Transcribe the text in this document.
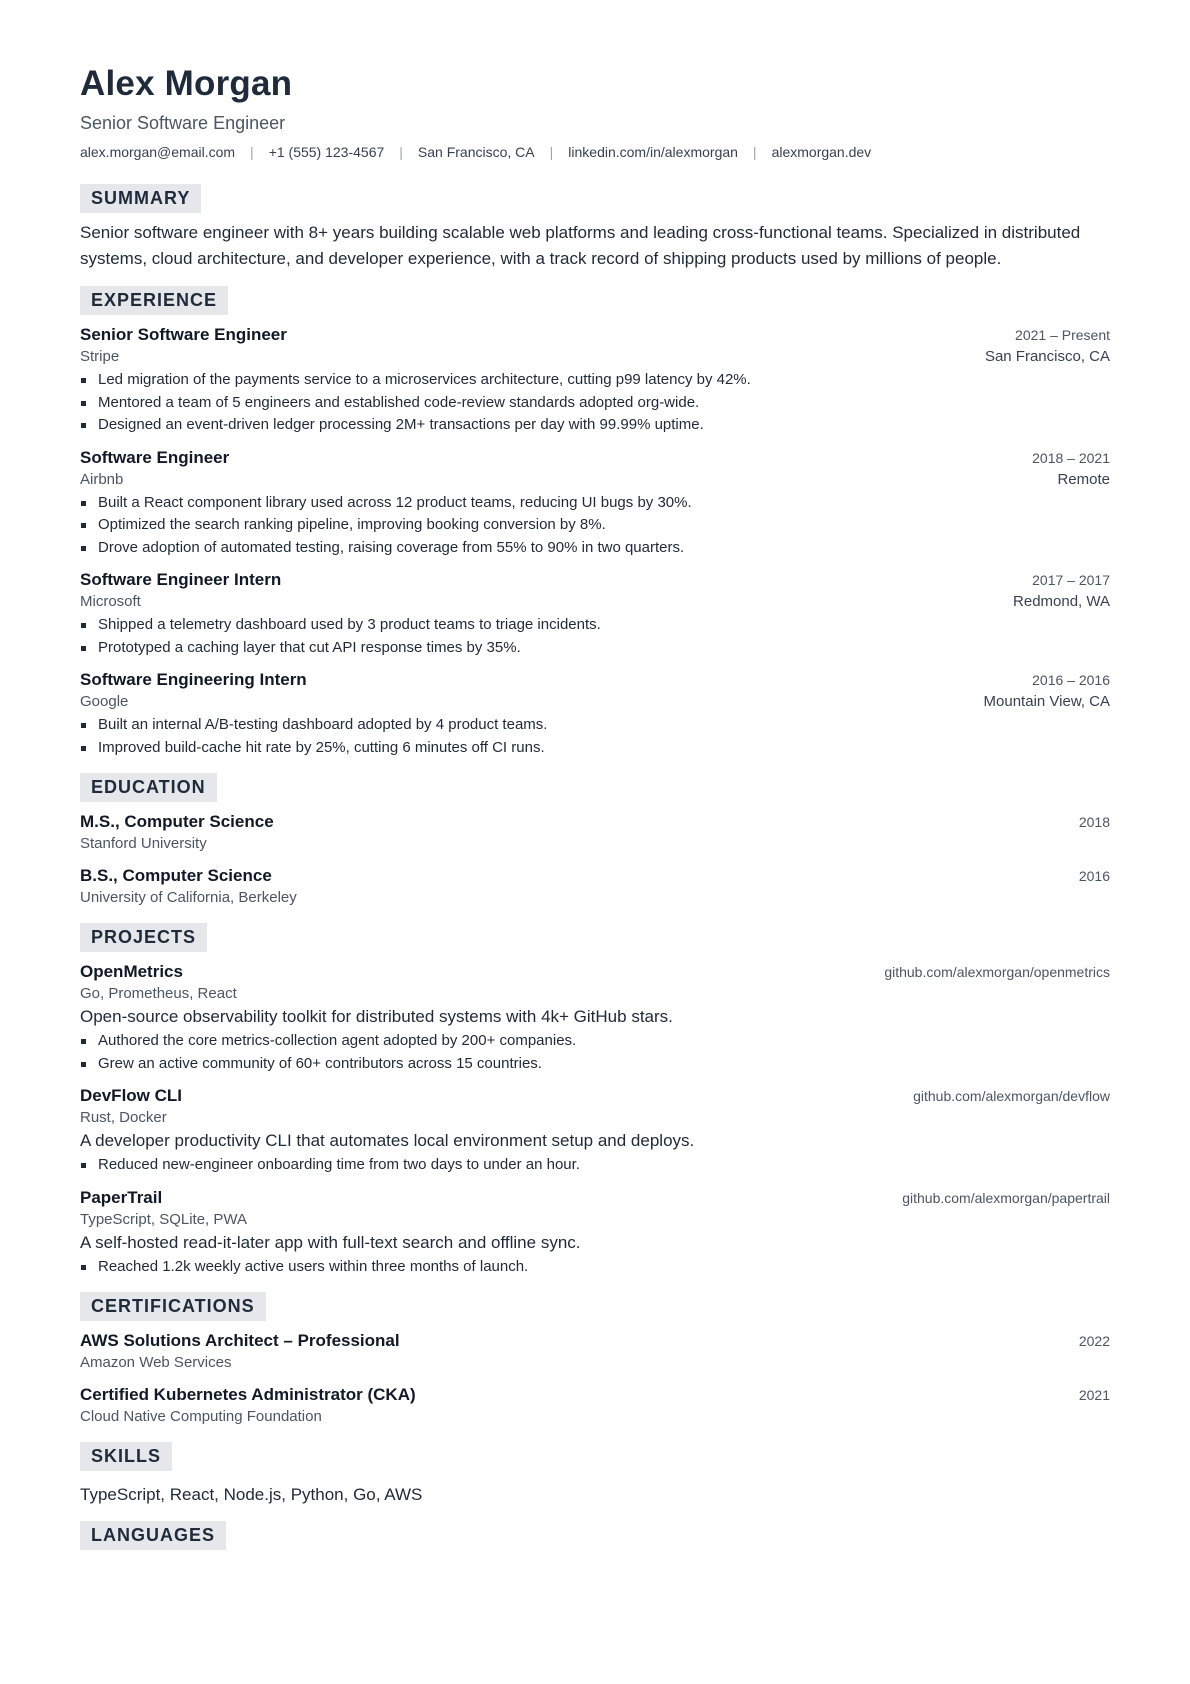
Alex Morgan
Senior Software Engineer
alex.morgan@email.com | +1 (555) 123-4567 | San Francisco, CA | linkedin.com/in/alexmorgan | alexmorgan.dev
SUMMARY
Senior software engineer with 8+ years building scalable web platforms and leading cross-functional teams. Specialized in distributed systems, cloud architecture, and developer experience, with a track record of shipping products used by millions of people.
EXPERIENCE
Senior Software Engineer	2021 – Present
Stripe	San Francisco, CA
Led migration of the payments service to a microservices architecture, cutting p99 latency by 42%.
Mentored a team of 5 engineers and established code-review standards adopted org-wide.
Designed an event-driven ledger processing 2M+ transactions per day with 99.99% uptime.
Software Engineer	2018 – 2021
Airbnb	Remote
Built a React component library used across 12 product teams, reducing UI bugs by 30%.
Optimized the search ranking pipeline, improving booking conversion by 8%.
Drove adoption of automated testing, raising coverage from 55% to 90% in two quarters.
Software Engineer Intern	2017 – 2017
Microsoft	Redmond, WA
Shipped a telemetry dashboard used by 3 product teams to triage incidents.
Prototyped a caching layer that cut API response times by 35%.
Software Engineering Intern	2016 – 2016
Google	Mountain View, CA
Built an internal A/B-testing dashboard adopted by 4 product teams.
Improved build-cache hit rate by 25%, cutting 6 minutes off CI runs.
EDUCATION
M.S., Computer Science	2018
Stanford University
B.S., Computer Science	2016
University of California, Berkeley
PROJECTS
OpenMetrics	github.com/alexmorgan/openmetrics
Go, Prometheus, React
Open-source observability toolkit for distributed systems with 4k+ GitHub stars.
Authored the core metrics-collection agent adopted by 200+ companies.
Grew an active community of 60+ contributors across 15 countries.
DevFlow CLI	github.com/alexmorgan/devflow
Rust, Docker
A developer productivity CLI that automates local environment setup and deploys.
Reduced new-engineer onboarding time from two days to under an hour.
PaperTrail	github.com/alexmorgan/papertrail
TypeScript, SQLite, PWA
A self-hosted read-it-later app with full-text search and offline sync.
Reached 1.2k weekly active users within three months of launch.
CERTIFICATIONS
AWS Solutions Architect – Professional	2022
Amazon Web Services
Certified Kubernetes Administrator (CKA)	2021
Cloud Native Computing Foundation
SKILLS
TypeScript, React, Node.js, Python, Go, AWS
LANGUAGES
